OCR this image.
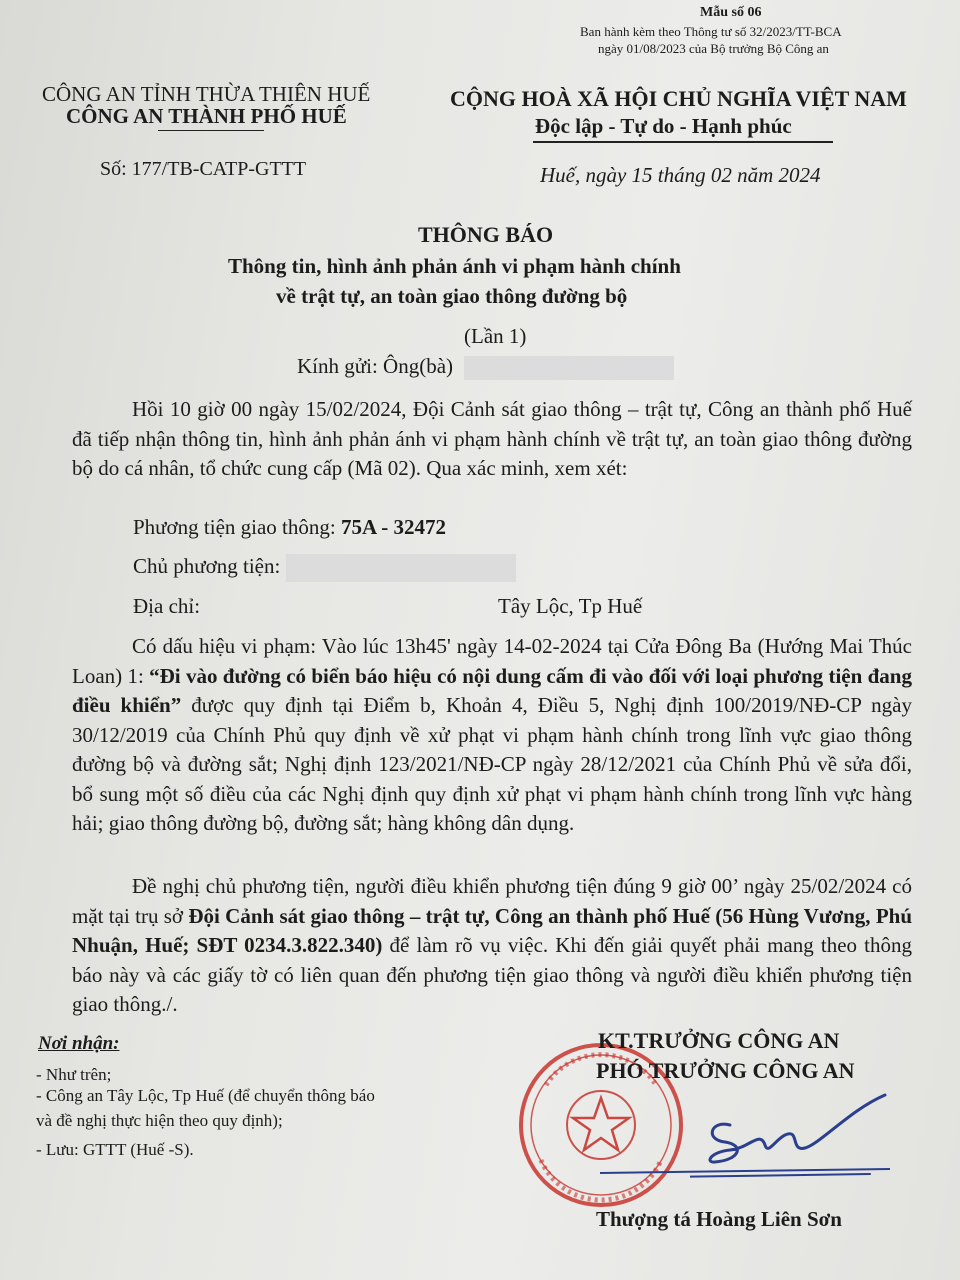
Mẫu số 06
Ban hành kèm theo Thông tư số 32/2023/TT-BCA
ngày 01/08/2023 của Bộ trưởng Bộ Công an
CÔNG AN TỈNH THỪA THIÊN HUẾ
CÔNG AN THÀNH PHỐ HUẾ
Số: 177/TB-CATP-GTTT
CỘNG HOÀ XÃ HỘI CHỦ NGHĨA VIỆT NAM
Độc lập - Tự do - Hạnh phúc
Huế, ngày 15 tháng 02 năm 2024
THÔNG BÁO
Thông tin, hình ảnh phản ánh vi phạm hành chính
về trật tự, an toàn giao thông đường bộ
(Lần 1)
Kính gửi: Ông(bà)

Hồi 10 giờ 00 ngày 15/02/2024, Đội Cảnh sát giao thông – trật tự, Công an thành phố Huế đã tiếp nhận thông tin, hình ảnh phản ánh vi phạm hành chính về trật tự, an toàn giao thông đường bộ do cá nhân, tổ chức cung cấp (Mã 02). Qua xác minh, xem xét:

Phương tiện giao thông: 75A - 32472
Chủ phương tiện:
Địa chỉ:	Tây Lộc, Tp Huế

Có dấu hiệu vi phạm: Vào lúc 13h45' ngày 14-02-2024 tại Cửa Đông Ba (Hướng Mai Thúc Loan) 1: “Đi vào đường có biển báo hiệu có nội dung cấm đi vào đối với loại phương tiện đang điều khiển” được quy định tại Điểm b, Khoản 4, Điều 5, Nghị định 100/2019/NĐ-CP ngày 30/12/2019 của Chính Phủ quy định về xử phạt vi phạm hành chính trong lĩnh vực giao thông đường bộ và đường sắt; Nghị định 123/2021/NĐ-CP ngày 28/12/2021 của Chính Phủ về sửa đổi, bổ sung một số điều của các Nghị định quy định xử phạt vi phạm hành chính trong lĩnh vực hàng hải; giao thông đường bộ, đường sắt; hàng không dân dụng.

Đề nghị chủ phương tiện, người điều khiển phương tiện đúng 9 giờ 00’ ngày 25/02/2024 có mặt tại trụ sở Đội Cảnh sát giao thông – trật tự, Công an thành phố Huế (56 Hùng Vương, Phú Nhuận, Huế; SĐT 0234.3.822.340) để làm rõ vụ việc. Khi đến giải quyết phải mang theo thông báo này và các giấy tờ có liên quan đến phương tiện giao thông và người điều khiển phương tiện giao thông./.

Nơi nhận:
- Như trên;
- Công an Tây Lộc, Tp Huế (để chuyển thông báo
và đề nghị thực hiện theo quy định);
- Lưu: GTTT (Huế -S).
KT.TRƯỞNG CÔNG AN
PHÓ TRƯỞNG CÔNG AN
Thượng tá Hoàng Liên Sơn
